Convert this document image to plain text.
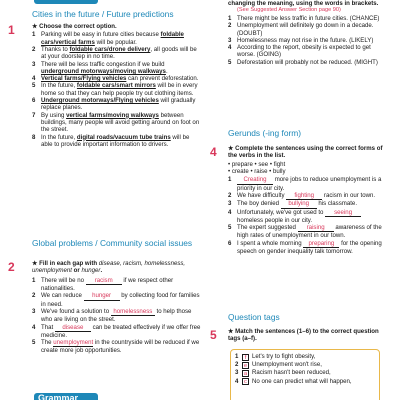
Cities in the future / Future predictions
1	★ Choose the correct option.
1 Parking will be easy in future cities because foldable cars/vertical farms will be popular.
2 Thanks to foldable cars/drone delivery, all goods will be at your doorstep in no time.
3 There will be less traffic congestion if we build underground motorways/moving walkways.
4 Vertical farms/Flying vehicles can prevent deforestation.
5 In the future, foldable cars/smart mirrors will be in every home so that they can help people try out clothing items.
6 Underground motorways/Flying vehicles will gradually replace planes.
7 By using vertical farms/moving walkways between buildings, many people will avoid getting around on foot on the street.
8 In the future, digital roads/vacuum tube trains will be able to provide important information to drivers.
Global problems / Community social issues
2	★ Fill in each gap with disease, racism, homelessness, unemployment or hunger.
1 There will be no racism if we respect other nationalities.
2 We can reduce hunger by collecting food for families in need.
3 We've found a solution to homelessness to help those who are living on the street.
4 That disease can be treated effectively if we offer free medicine.
5 The unemployment in the countryside will be reduced if we create more job opportunities.
Grammar
changing the meaning, using the words in brackets.
(See Suggested Answer Section page 90)
1 There might be less traffic in future cities. (CHANCE)
2 Unemployment will definitely go down in a decade. (DOUBT)
3 Homelessness may not rise in the future. (LIKELY)
4 According to the report, obesity is expected to get worse. (GOING)
5 Deforestation will probably not be reduced. (MIGHT)
Gerunds (-ing form)
4 ★ Complete the sentences using the correct forms of the verbs in the list.
• prepare • see • fight
• create • raise • bully
1 Creating more jobs to reduce unemployment is a priority in our city.
2 We have difficulty fighting racism in our town.
3 The boy denied bullying his classmate.
4 Unfortunately, we've got used to seeing homeless people in our city.
5 The expert suggested raising awareness of the high rates of unemployment in our town.
6 I spent a whole morning preparing for the opening speech on gender inequality talk tomorrow.
Question tags
5 ★ Match the sentences (1–6) to the correct question tags (a–f).
1	f Let's try to fight obesity,
2 e Unemployment won't rise,
3 a Racism hasn't been reduced,
4 c No one can predict what will happen,
